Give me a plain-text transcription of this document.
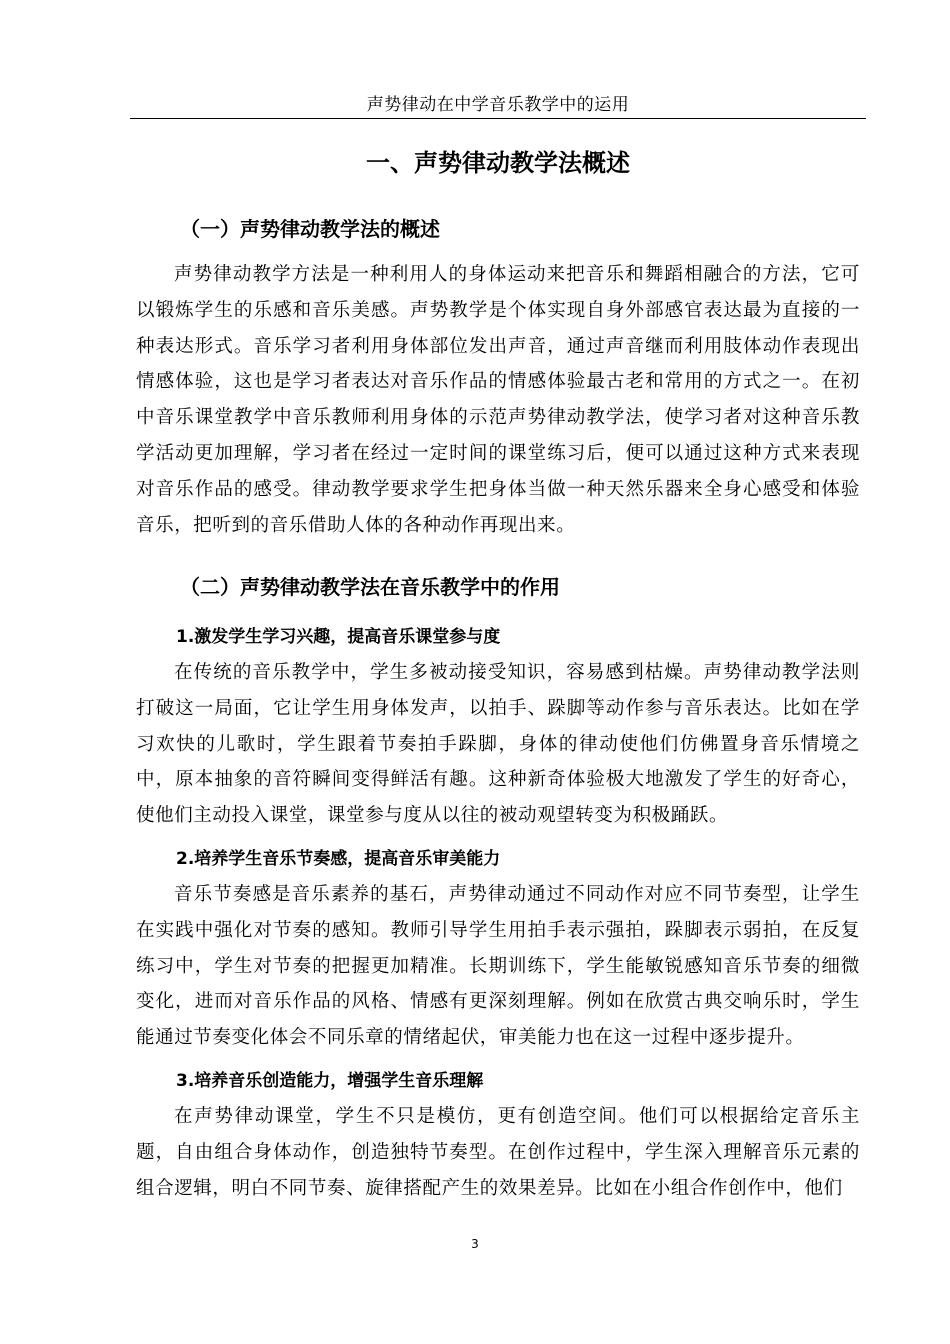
声势律动在中学音乐教学中的运用
一、声势律动教学法概述
（一）声势律动教学法的概述

声势律动教学方法是一种利用人的身体运动来把音乐和舞蹈相融合的方法，它可以锻炼学生的乐感和音乐美感。声势教学是个体实现自身外部感官表达最为直接的一种表达形式。音乐学习者利用身体部位发出声音，通过声音继而利用肢体动作表现出情感体验，这也是学习者表达对音乐作品的情感体验最古老和常用的方式之一。在初中音乐课堂教学中音乐教师利用身体的示范声势律动教学法，使学习者对这种音乐教学活动更加理解，学习者在经过一定时间的课堂练习后，便可以通过这种方式来表现对音乐作品的感受。律动教学要求学生把身体当做一种天然乐器来全身心感受和体验音乐，把听到的音乐借助人体的各种动作再现出来。

（二）声势律动教学法在音乐教学中的作用
1.激发学生学习兴趣，提高音乐课堂参与度

在传统的音乐教学中，学生多被动接受知识，容易感到枯燥。声势律动教学法则打破这一局面，它让学生用身体发声，以拍手、跺脚等动作参与音乐表达。比如在学习欢快的儿歌时，学生跟着节奏拍手跺脚，身体的律动使他们仿佛置身音乐情境之中，原本抽象的音符瞬间变得鲜活有趣。这种新奇体验极大地激发了学生的好奇心，使他们主动投入课堂，课堂参与度从以往的被动观望转变为积极踊跃。

2.培养学生音乐节奏感，提高音乐审美能力

音乐节奏感是音乐素养的基石，声势律动通过不同动作对应不同节奏型，让学生在实践中强化对节奏的感知。教师引导学生用拍手表示强拍，跺脚表示弱拍，在反复练习中，学生对节奏的把握更加精准。长期训练下，学生能敏锐感知音乐节奏的细微变化，进而对音乐作品的风格、情感有更深刻理解。例如在欣赏古典交响乐时，学生能通过节奏变化体会不同乐章的情绪起伏，审美能力也在这一过程中逐步提升。

3.培养音乐创造能力，增强学生音乐理解

在声势律动课堂，学生不只是模仿，更有创造空间。他们可以根据给定音乐主题，自由组合身体动作，创造独特节奏型。在创作过程中，学生深入理解音乐元素的组合逻辑，明白不同节奏、旋律搭配产生的效果差异。比如在小组合作创作中，他们

3
